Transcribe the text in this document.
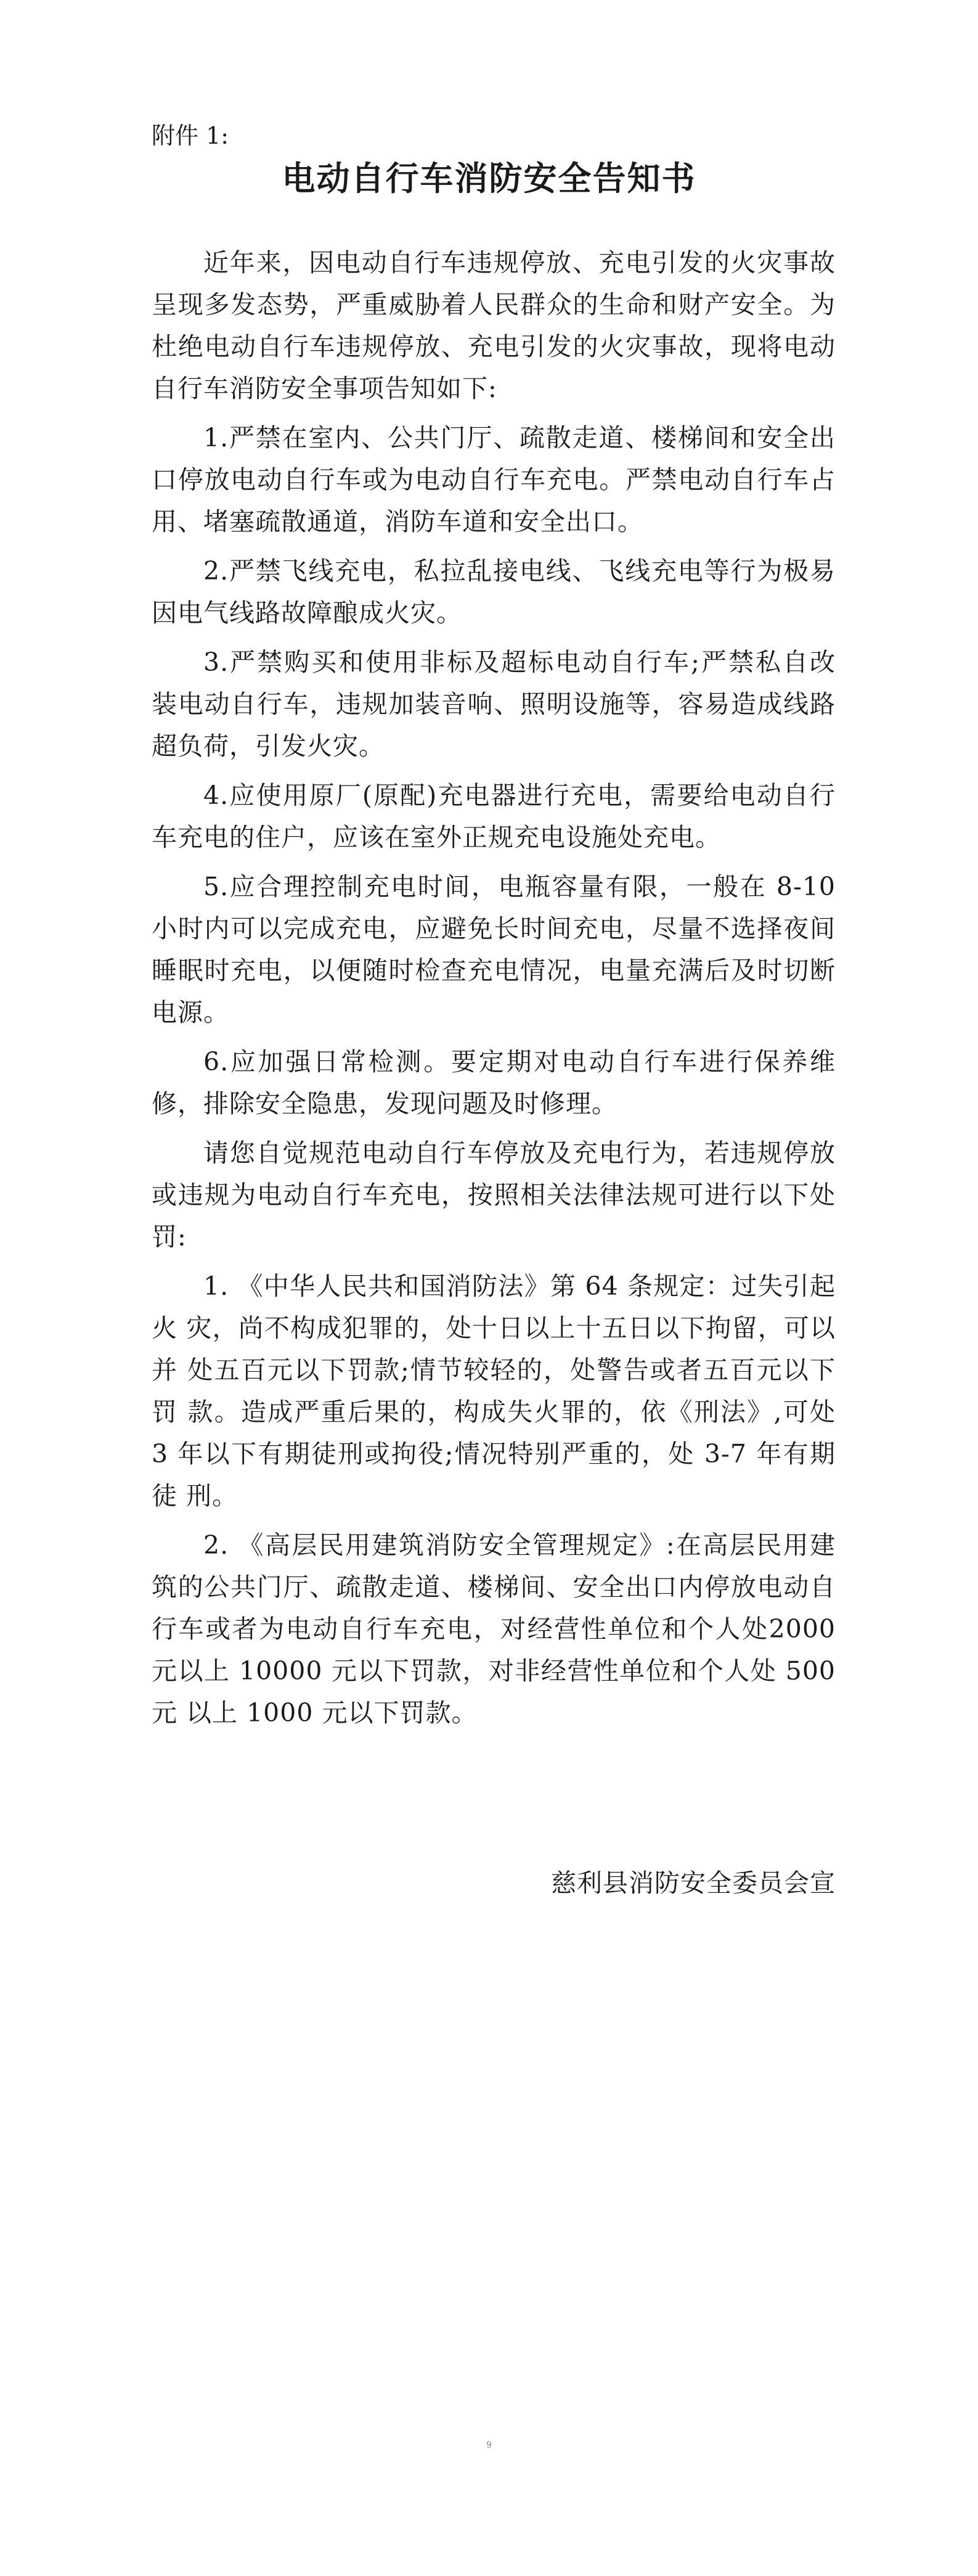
附件 1:
电动自行车消防安全告知书

近年来，因电动自行车违规停放、充电引发的火灾事故呈现多发态势，严重威胁着人民群众的生命和财产安全。为杜绝电动自行车违规停放、充电引发的火灾事故，现将电动自行车消防安全事项告知如下:

1.严禁在室内、公共门厅、疏散走道、楼梯间和安全出 口停放电动自行车或为电动自行车充电。严禁电动自行车占 用、堵塞疏散通道，消防车道和安全出口。

2.严禁飞线充电，私拉乱接电线、飞线充电等行为极易因电气线路故障酿成火灾。

3.严禁购买和使用非标及超标电动自行车;严禁私自改 装电动自行车，违规加装音响、照明设施等，容易造成线路 超负荷，引发火灾。

4.应使用原厂(原配)充电器进行充电，需要给电动自行车充电的住户，应该在室外正规充电设施处充电。

5.应合理控制充电时间，电瓶容量有限，一般在 8-10 小时内可以完成充电，应避免长时间充电，尽量不选择夜间 睡眠时充电，以便随时检查充电情况，电量充满后及时切断 电源。

6.应加强日常检测。要定期对电动自行车进行保养维修，排除安全隐患，发现问题及时修理。

请您自觉规范电动自行车停放及充电行为，若违规停放或违规为电动自行车充电，按照相关法律法规可进行以下处罚:

1. 《中华人民共和国消防法》第 64 条规定：过失引起火 灾，尚不构成犯罪的，处十日以上十五日以下拘留，可以并 处五百元以下罚款;情节较轻的，处警告或者五百元以下罚 款。造成严重后果的，构成失火罪的，依《刑法》,可处 3 年以下有期徒刑或拘役;情况特别严重的，处 3-7 年有期徒 刑。

2. 《高层民用建筑消防安全管理规定》:在高层民用建筑的公共门厅、疏散走道、楼梯间、安全出口内停放电动自 行车或者为电动自行车充电，对经营性单位和个人处2000 元以上 10000 元以下罚款，对非经营性单位和个人处 500 元 以上 1000 元以下罚款。

慈利县消防安全委员会宣
9
